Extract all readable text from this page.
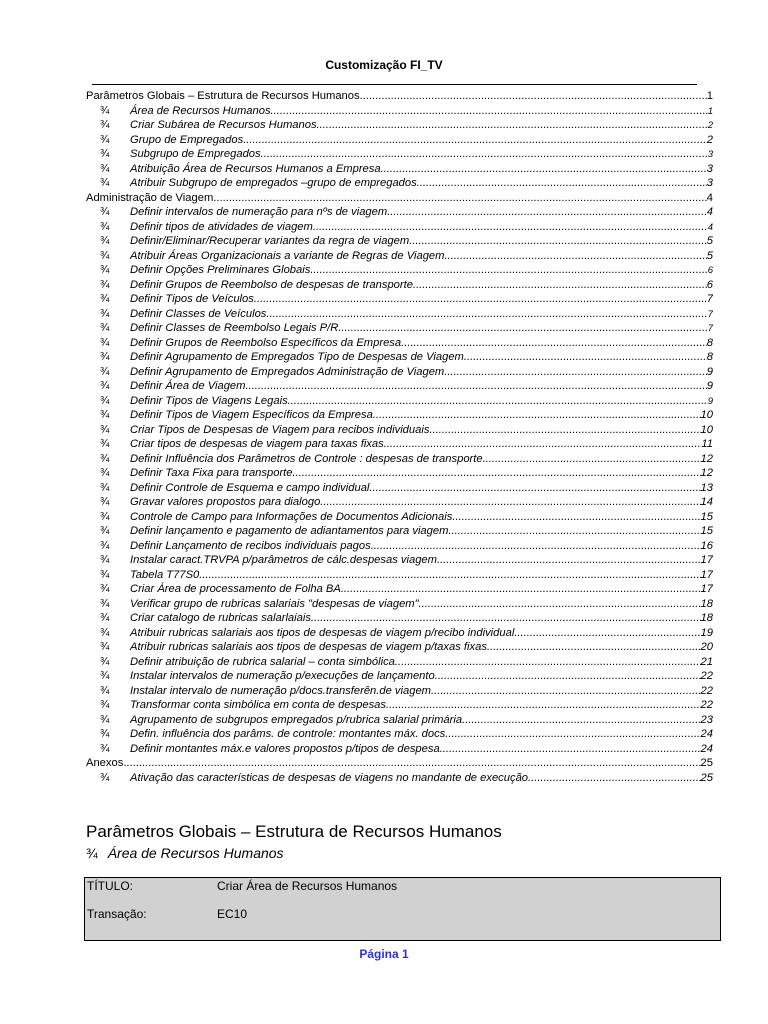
Customização FI_TV
Parâmetros Globais – Estrutura de Recursos Humanos .....	1
¾	Área de Recursos Humanos .....	1
¾	Criar Subárea de Recursos Humanos .....	2
¾	Grupo de Empregados .....	2
¾	Subgrupo de Empregados .....	3
¾	Atribuição Área de Recursos Humanos a Empresa .....	3
¾	Atribuir Subgrupo de empregados –grupo de empregados .....	3
Administração de Viagem .....	4
¾	Definir intervalos de numeração para nºs de viagem .....	4
¾	Definir tipos de atividades de viagem .....	4
¾	Definir/Eliminar/Recuperar variantes da regra de viagem .....	5
¾	Atribuir Áreas Organizacionais a variante de Regras de Viagem .....	5
¾	Definir Opções Preliminares Globais .....	6
¾	Definir Grupos de Reembolso de despesas de transporte .....	6
¾	Definir Tipos de Veículos .....	7
¾	Definir Classes de Veículos .....	7
¾	Definir Classes de Reembolso Legais P/R .....	7
¾	Definir Grupos de Reembolso Específicos da Empresa .....	8
¾	Definir Agrupamento de Empregados Tipo de Despesas de Viagem .....	8
¾	Definir Agrupamento de Empregados Administração de Viagem .....	9
¾	Definir Área de Viagem .....	9
¾	Definir Tipos de Viagens Legais .....	9
¾	Definir Tipos de Viagem Específicos da Empresa .....	10
¾	Criar Tipos de Despesas de Viagem para recibos individuais .....	10
¾	Criar tipos de despesas de viagem para taxas fixas .....	11
¾	Definir Influência dos Parâmetros de Controle : despesas de transporte .....	12
¾	Definir Taxa Fixa para transporte .....	12
¾	Definir Controle de Esquema e campo individual .....	13
¾	Gravar valores propostos para dialogo .....	14
¾	Controle de Campo para Informações de Documentos Adicionais .....	15
¾	Definir lançamento e pagamento de adiantamentos para viagem .....	15
¾	Definir Lançamento de recibos individuais pagos .....	16
¾	Instalar caract.TRVPA p/parâmetros de cálc.despesas viagem .....	17
¾	Tabela T77S0 .....	17
¾	Criar Área de processamento de Folha BA .....	17
¾	Verificar grupo de rubricas salariais "despesas de viagem" .....	18
¾	Criar catalogo de rubricas salarlaiais .....	18
¾	Atribuir rubricas salariais aos tipos de despesas de viagem p/recibo individual .....	19
¾	Atribuir rubricas salariais aos tipos de despesas de viagem p/taxas fixas .....	20
¾	Definir atribuição de rubrica salarial – conta simbólica .....	21
¾	Instalar intervalos de numeração p/execuções de lançamento .....	22
¾	Instalar intervalo de numeração p/docs.transferên.de viagem .....	22
¾	Transformar conta simbólica em conta de despesas .....	22
¾	Agrupamento de subgrupos empregados p/rubrica salarial primária .....	23
¾	Defin. influência dos parâms. de controle: montantes máx. docs .....	24
¾	Definir montantes máx.e valores propostos p/tipos de despesa .....	24
Anexos .....	25
¾	Ativação das características de despesas de viagens no mandante de execução .....	25
Parâmetros Globais – Estrutura de Recursos Humanos
¾ Área de Recursos Humanos
TÍTULO:	Criar Área de Recursos Humanos
Transação:	EC10
Página 1
